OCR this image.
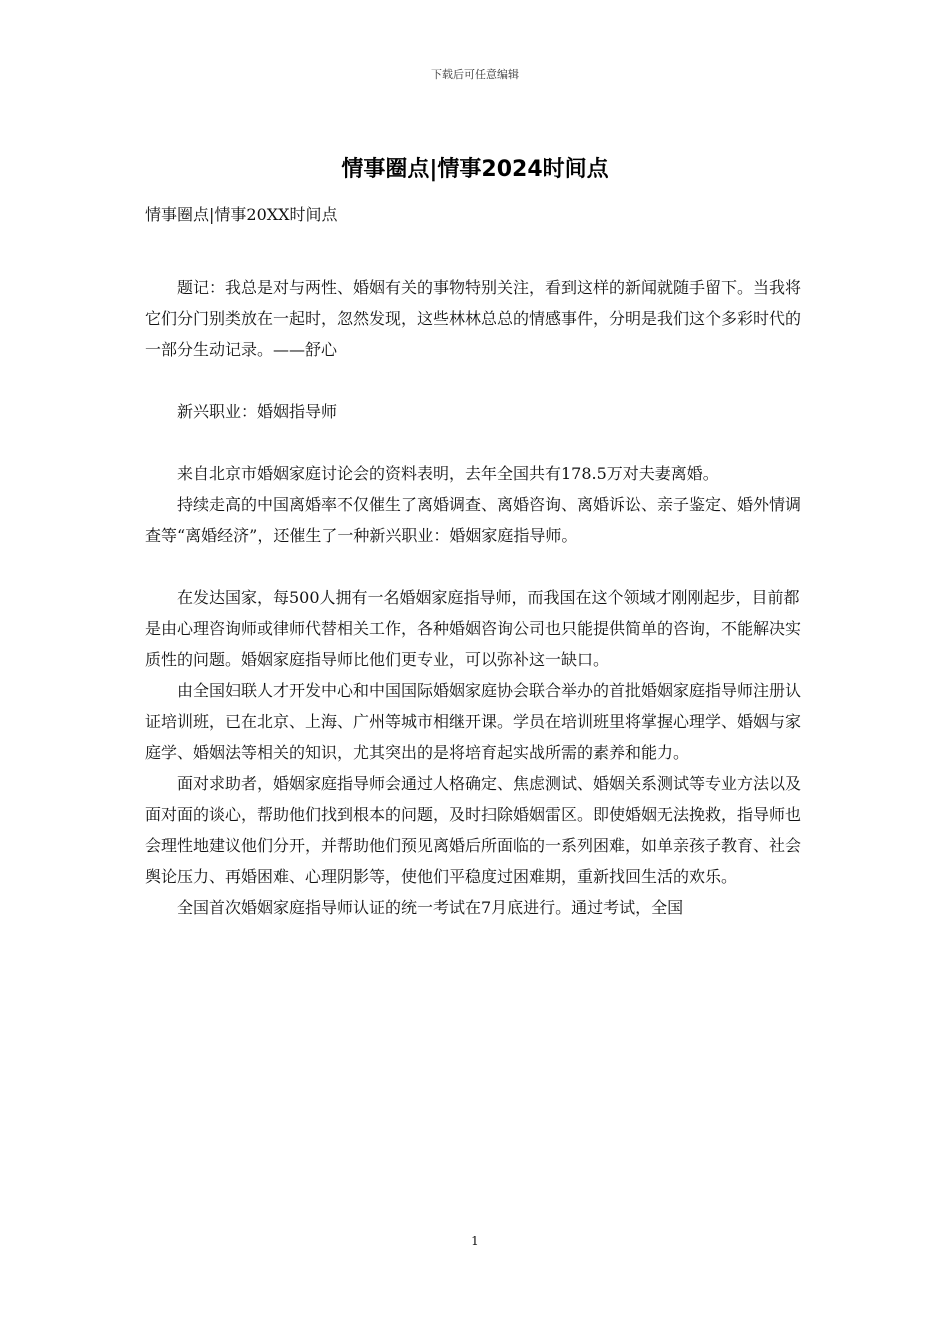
下载后可任意编辑
情事圈点|情事2024时间点
情事圈点|情事20XX时间点

题记：我总是对与两性、婚姻有关的事物特别关注，看到这样的新闻就随手留下。当我将它们分门别类放在一起时，忽然发现，这些林林总总的情感事件，分明是我们这个多彩时代的一部分生动记录。——舒心

新兴职业：婚姻指导师

来自北京市婚姻家庭讨论会的资料表明，去年全国共有178.5万对夫妻离婚。

持续走高的中国离婚率不仅催生了离婚调查、离婚咨询、离婚诉讼、亲子鉴定、婚外情调查等“离婚经济”，还催生了一种新兴职业：婚姻家庭指导师。

在发达国家，每500人拥有一名婚姻家庭指导师，而我国在这个领域才刚刚起步，目前都是由心理咨询师或律师代替相关工作，各种婚姻咨询公司也只能提供简单的咨询，不能解决实质性的问题。婚姻家庭指导师比他们更专业，可以弥补这一缺口。

由全国妇联人才开发中心和中国国际婚姻家庭协会联合举办的首批婚姻家庭指导师注册认证培训班，已在北京、上海、广州等城市相继开课。学员在培训班里将掌握心理学、婚姻与家庭学、婚姻法等相关的知识，尤其突出的是将培育起实战所需的素养和能力。

面对求助者，婚姻家庭指导师会通过人格确定、焦虑测试、婚姻关系测试等专业方法以及面对面的谈心，帮助他们找到根本的问题，及时扫除婚姻雷区。即使婚姻无法挽救，指导师也会理性地建议他们分开，并帮助他们预见离婚后所面临的一系列困难，如单亲孩子教育、社会舆论压力、再婚困难、心理阴影等，使他们平稳度过困难期，重新找回生活的欢乐。

全国首次婚姻家庭指导师认证的统一考试在7月底进行。通过考试，全国

1
